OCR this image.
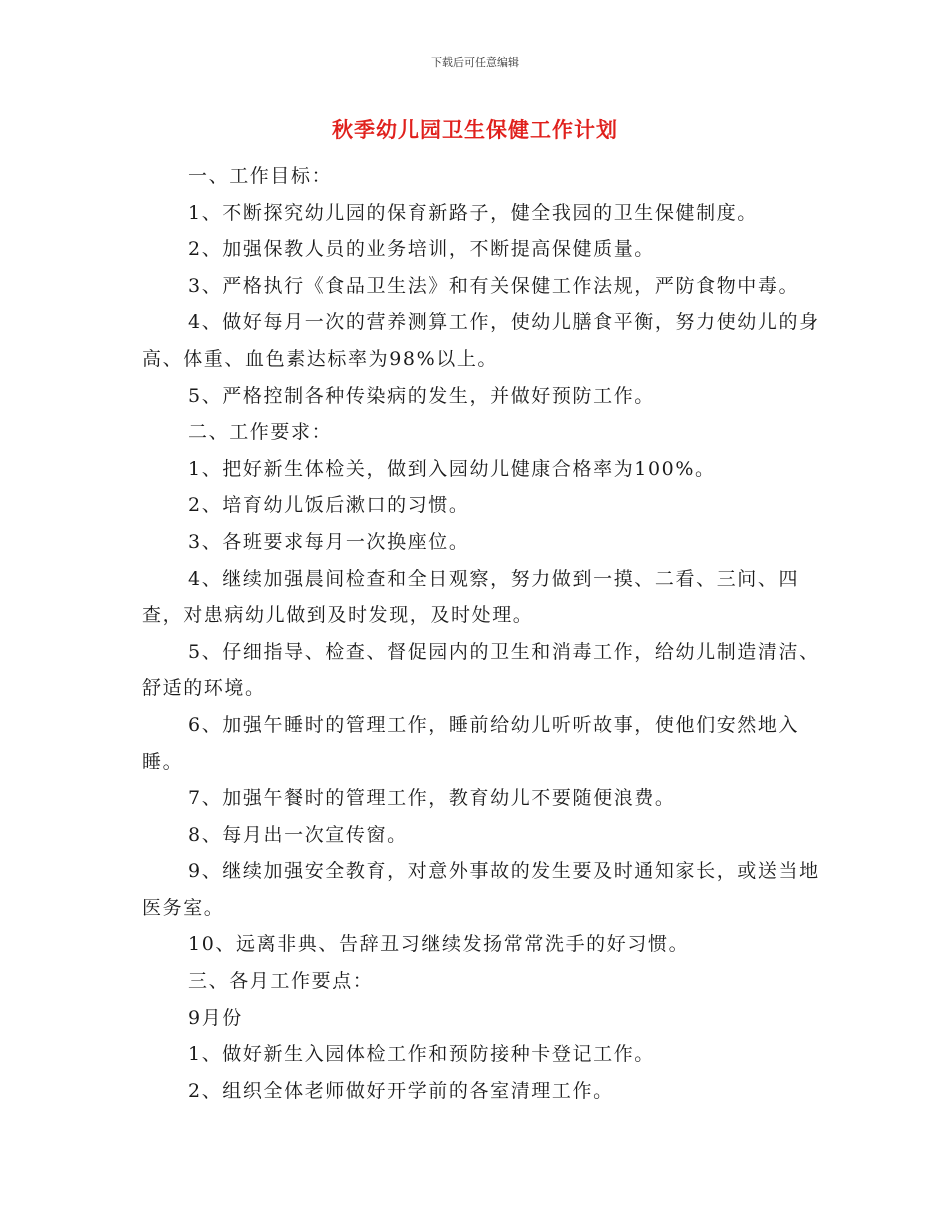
下载后可任意编辑
秋季幼儿园卫生保健工作计划

一、工作目标：

1、不断探究幼儿园的保育新路子，健全我园的卫生保健制度。

2、加强保教人员的业务培训，不断提高保健质量。

3、严格执行《食品卫生法》和有关保健工作法规，严防食物中毒。

4、做好每月一次的营养测算工作，使幼儿膳食平衡，努力使幼儿的身 高、体重、血色素达标率为98%以上。

5、严格控制各种传染病的发生，并做好预防工作。

二、工作要求：

1、把好新生体检关，做到入园幼儿健康合格率为100%。

2、培育幼儿饭后漱口的习惯。

3、各班要求每月一次换座位。

4、继续加强晨间检查和全日观察，努力做到一摸、二看、三问、四查，对患病幼儿做到及时发现，及时处理。

5、仔细指导、检查、督促园内的卫生和消毒工作，给幼儿制造清洁、舒适的环境。

6、加强午睡时的管理工作，睡前给幼儿听听故事，使他们安然地入睡。

7、加强午餐时的管理工作，教育幼儿不要随便浪费。

8、每月出一次宣传窗。

9、继续加强安全教育，对意外事故的发生要及时通知家长，或送当地医务室。

10、远离非典、告辞丑习继续发扬常常洗手的好习惯。

三、各月工作要点：

9月份

1、做好新生入园体检工作和预防接种卡登记工作。

2、组织全体老师做好开学前的各室清理工作。
